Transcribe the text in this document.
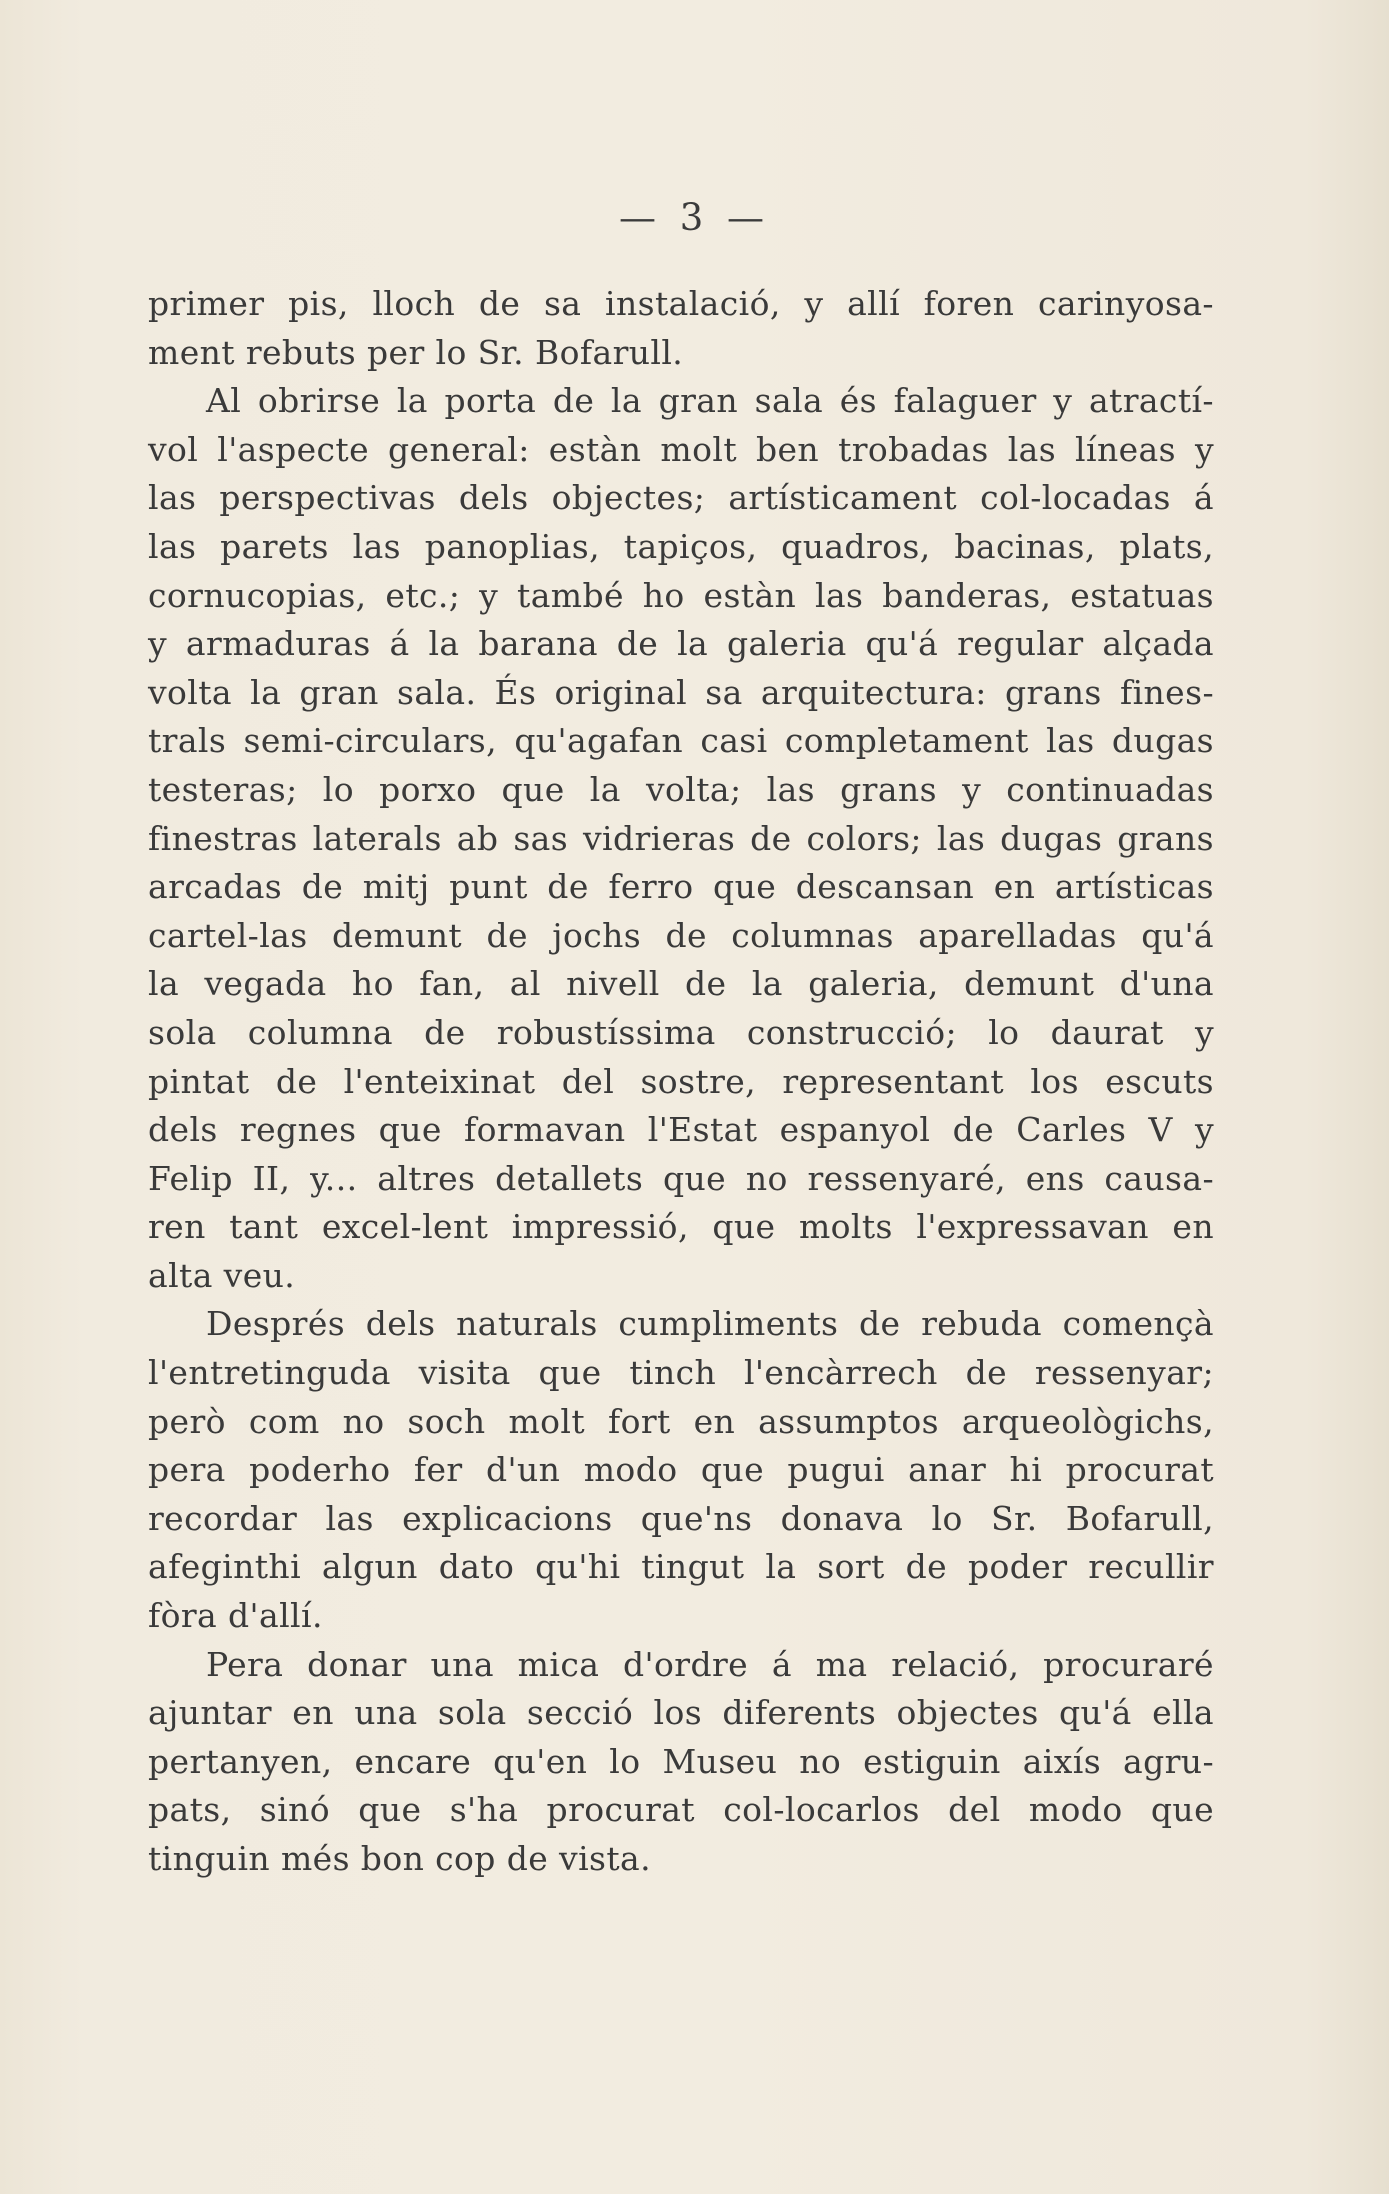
— 3 —
primer pis, lloch de sa instalació, y allí foren carinyosa-
ment rebuts per lo Sr. Bofarull.
Al obrirse la porta de la gran sala és falaguer y atractí-
vol l'aspecte general: estàn molt ben trobadas las líneas y
las perspectivas dels objectes; artísticament col-locadas á
las parets las panoplias, tapiços, quadros, bacinas, plats,
cornucopias, etc.; y també ho estàn las banderas, estatuas
y armaduras á la barana de la galeria qu'á regular alçada
volta la gran sala. És original sa arquitectura: grans fines-
trals semi-circulars, qu'agafan casi completament las dugas
testeras; lo porxo que la volta; las grans y continuadas
finestras laterals ab sas vidrieras de colors; las dugas grans
arcadas de mitj punt de ferro que descansan en artísticas
cartel-las demunt de jochs de columnas aparelladas qu'á
la vegada ho fan, al nivell de la galeria, demunt d'una
sola columna de robustíssima construcció; lo daurat y
pintat de l'enteixinat del sostre, representant los escuts
dels regnes que formavan l'Estat espanyol de Carles V y
Felip II, y... altres detallets que no ressenyaré, ens causa-
ren tant excel-lent impressió, que molts l'expressavan en
alta veu.
Després dels naturals cumpliments de rebuda començà
l'entretinguda visita que tinch l'encàrrech de ressenyar;
però com no soch molt fort en assumptos arqueològichs,
pera poderho fer d'un modo que pugui anar hi procurat
recordar las explicacions que'ns donava lo Sr. Bofarull,
afeginthi algun dato qu'hi tingut la sort de poder recullir
fòra d'allí.
Pera donar una mica d'ordre á ma relació, procuraré
ajuntar en una sola secció los diferents objectes qu'á ella
pertanyen, encare qu'en lo Museu no estiguin aixís agru-
pats, sinó que s'ha procurat col-locarlos del modo que
tinguin més bon cop de vista.
